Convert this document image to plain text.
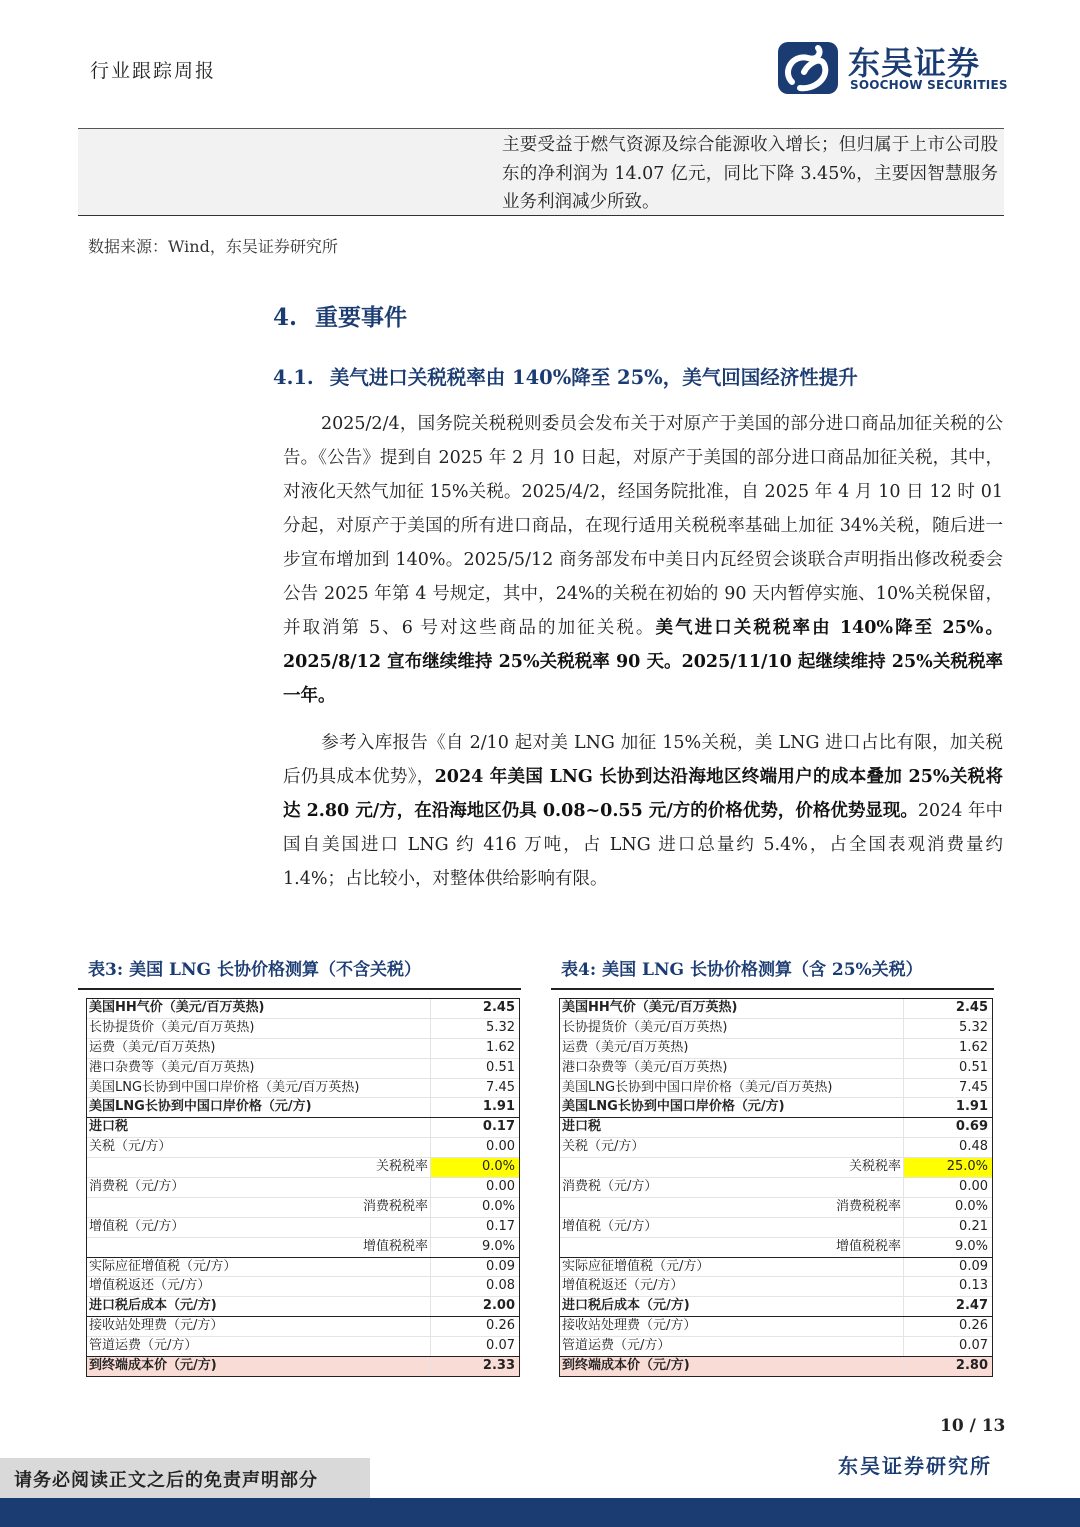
行业跟踪周报	东吴证券
SOOCHOW SECURITIES
主要受益于燃气资源及综合能源收入增长；但归属于上市公司股东的净利润为 14.07 亿元，同比下降 3.45%，主要因智慧服务业务利润减少所致。
数据来源：Wind，东吴证券研究所
4. 重要事件
4.1. 美气进口关税税率由 140%降至 25%，美气回国经济性提升
2025/2/4，国务院关税税则委员会发布关于对原产于美国的部分进口商品加征关税的公告。《公告》提到自 2025 年 2 月 10 日起，对原产于美国的部分进口商品加征关税，其中，对液化天然气加征 15%关税。2025/4/2，经国务院批准，自 2025 年 4 月 10 日 12 时 01 分起，对原产于美国的所有进口商品，在现行适用关税税率基础上加征 34%关税，随后进一步宣布增加到 140%。2025/5/12 商务部发布中美日内瓦经贸会谈联合声明指出修改税委会公告 2025 年第 4 号规定，其中，24%的关税在初始的 90 天内暂停实施、10%关税保留，并取消第 5、6 号对这些商品的加征关税。美气进口关税税率由 140%降至 25%。 2025/8/12 宣布继续维持 25%关税税率 90 天。2025/11/10 起继续维持 25%关税税率一年。
参考入库报告《自 2/10 起对美 LNG 加征 15%关税，美 LNG 进口占比有限，加关税后仍具成本优势》，2024 年美国 LNG 长协到达沿海地区终端用户的成本叠加 25%关税将达 2.80 元/方，在沿海地区仍具 0.08~0.55 元/方的价格优势，价格优势显现。2024 年中国自美国进口 LNG 约 416 万吨，占 LNG 进口总量约 5.4%，占全国表观消费量约 1.4%；占比较小，对整体供给影响有限。
表3: 美国 LNG 长协价格测算（不含关税）	表4: 美国 LNG 长协价格测算（含 25%关税）
美国HH气价（美元/百万英热)	2.45
长协提货价（美元/百万英热)	5.32
运费（美元/百万英热)	1.62
港口杂费等（美元/百万英热)	0.51
美国LNG长协到中国口岸价格（美元/百万英热)	7.45
美国LNG长协到中国口岸价格（元/方)	1.91
进口税	0.17
关税（元/方）	0.00
关税税率	0.0%
消费税（元/方）	0.00
消费税税率	0.0%
增值税（元/方）	0.17
增值税税率	9.0%
实际应征增值税（元/方）	0.09
增值税返还（元/方）	0.08
进口税后成本（元/方)	2.00
接收站处理费（元/方）	0.26
管道运费（元/方）	0.07
到终端成本价（元/方)	2.33
美国HH气价（美元/百万英热)	2.45
长协提货价（美元/百万英热)	5.32
运费（美元/百万英热)	1.62
港口杂费等（美元/百万英热)	0.51
美国LNG长协到中国口岸价格（美元/百万英热)	7.45
美国LNG长协到中国口岸价格（元/方)	1.91
进口税	0.69
关税（元/方）	0.48
关税税率	25.0%
消费税（元/方）	0.00
消费税税率	0.0%
增值税（元/方）	0.21
增值税税率	9.0%
实际应征增值税（元/方）	0.09
增值税返还（元/方）	0.13
进口税后成本（元/方)	2.47
接收站处理费（元/方）	0.26
管道运费（元/方）	0.07
到终端成本价（元/方)	2.80
10 / 13
东吴证券研究所
请务必阅读正文之后的免责声明部分
